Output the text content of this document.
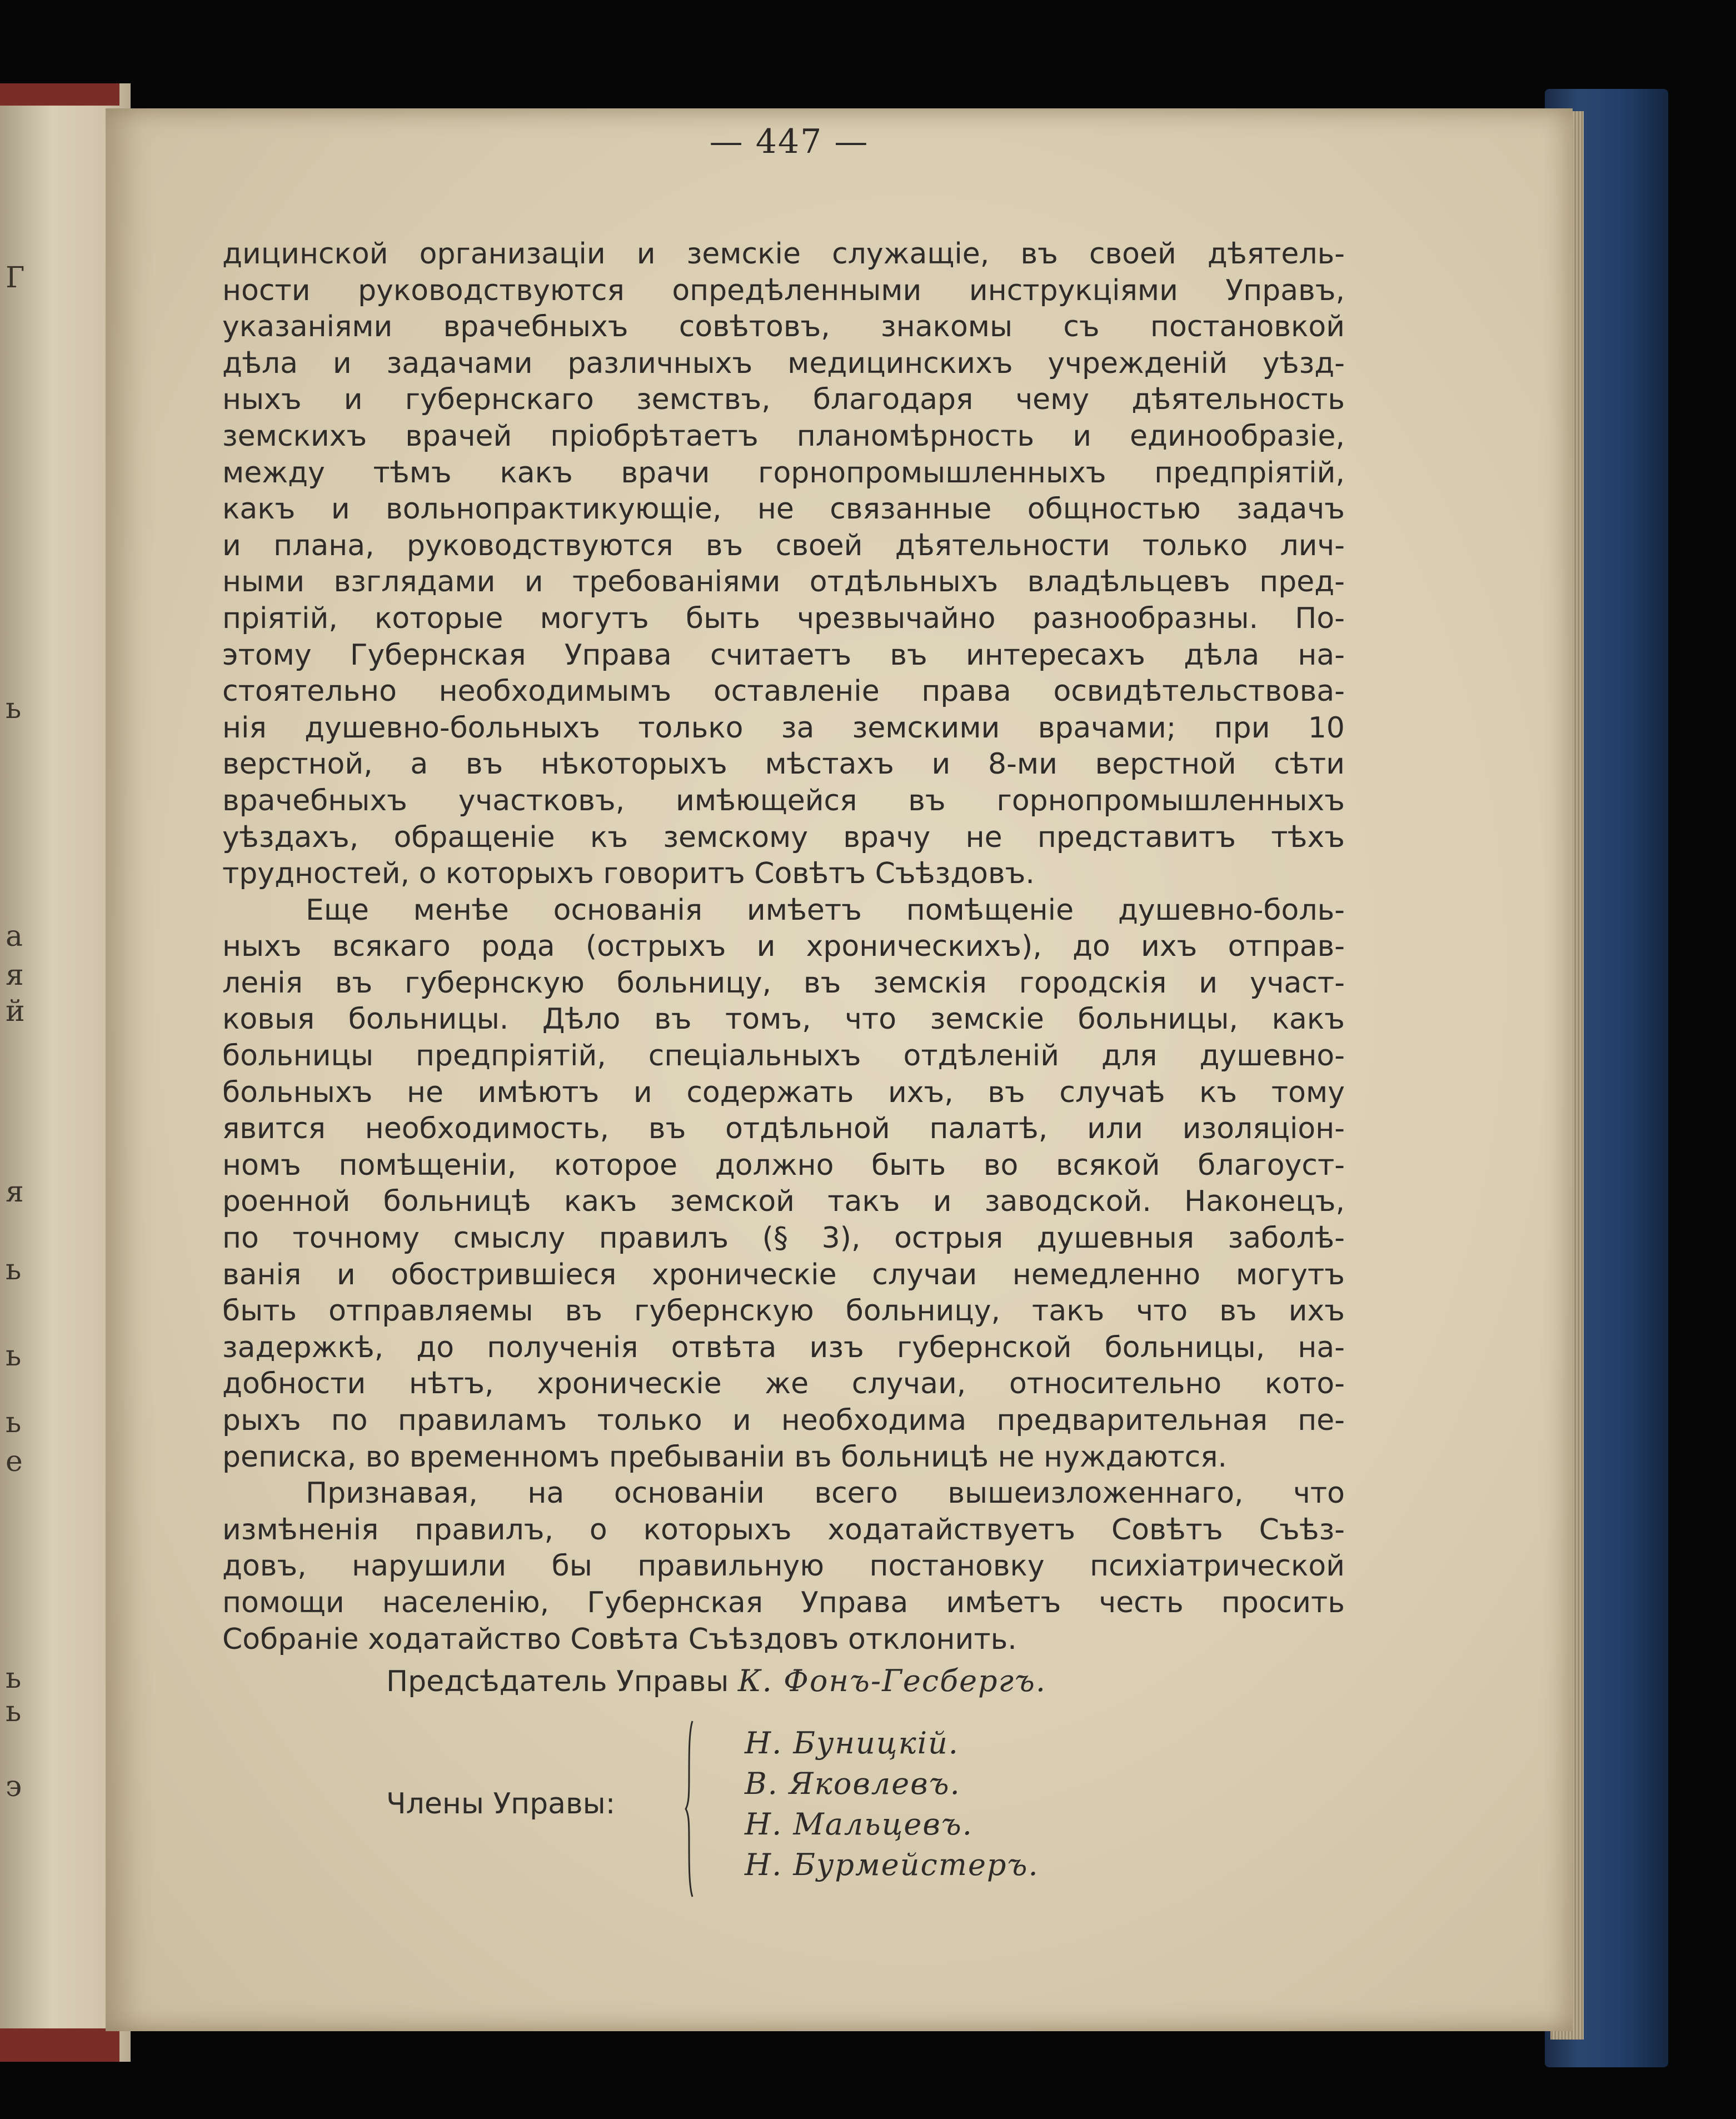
Г
ь
а
я
й
я
ь
ь
ь
е
ь
ь
э
— 447 —
дицинской организацiи и земскiе служащiе, въ своей дѣятель-
ности руководствуются опредѣленными инструкцiями Управъ,
указанiями врачебныхъ совѣтовъ, знакомы съ постановкой
дѣла и задачами различныхъ медицинскихъ учрежденiй уѣзд-
ныхъ и губернскаго земствъ, благодаря чему дѣятельность
земскихъ врачей прiобрѣтаетъ планомѣрность и единообразiе,
между тѣмъ какъ врачи горнопромышленныхъ предпрiятiй,
какъ и вольнопрактикующiе, не связанные общностью задачъ
и плана, руководствуются въ своей дѣятельности только лич-
ными взглядами и требованiями отдѣльныхъ владѣльцевъ пред-
прiятiй, которые могутъ быть чрезвычайно разнообразны. По-
этому Губернская Управа считаетъ въ интересахъ дѣла на-
стоятельно необходимымъ оставленiе права освидѣтельствова-
нiя душевно-больныхъ только за земскими врачами; при 10
верстной, а въ нѣкоторыхъ мѣстахъ и 8-ми верстной сѣти
врачебныхъ участковъ, имѣющейся въ горнопромышленныхъ
уѣздахъ, обращенiе къ земскому врачу не представитъ тѣхъ
трудностей, о которыхъ говоритъ Совѣтъ Съѣздовъ.
Еще менѣе основанiя имѣетъ помѣщенiе душевно-боль-
ныхъ всякаго рода (острыхъ и хроническихъ), до ихъ отправ-
ленiя въ губернскую больницу, въ земскiя городскiя и участ-
ковыя больницы. Дѣло въ томъ, что земскiе больницы, какъ
больницы предпрiятiй, спецiальныхъ отдѣленiй для душевно-
больныхъ не имѣютъ и содержать ихъ, въ случаѣ къ тому
явится необходимость, въ отдѣльной палатѣ, или изоляцiон-
номъ помѣщенiи, которое должно быть во всякой благоуст-
роенной больницѣ какъ земской такъ и заводской. Наконецъ,
по точному смыслу правилъ (§ 3), острыя душевныя заболѣ-
ванiя и обострившiеся хроническiе случаи немедленно могутъ
быть отправляемы въ губернскую больницу, такъ что въ ихъ
задержкѣ, до полученiя отвѣта изъ губернской больницы, на-
добности нѣтъ, хроническiе же случаи, относительно кото-
рыхъ по правиламъ только и необходима предварительная пе-
реписка, во временномъ пребыванiи въ больницѣ не нуждаются.
Признавая, на основанiи всего вышеизложеннаго, что
измѣненiя правилъ, о которыхъ ходатайствуетъ Совѣтъ Съѣз-
довъ, нарушили бы правильную постановку психiатрической
помощи населенiю, Губернская Управа имѣетъ честь просить
Собранiе ходатайство Совѣта Съѣздовъ отклонить.
Предсѣдатель Управы К. Фонъ-Гесбергъ.
Члены Управы:
Н. Буницкiй.
В. Яковлевъ.
Н. Мальцевъ.
Н. Бурмейстеръ.
